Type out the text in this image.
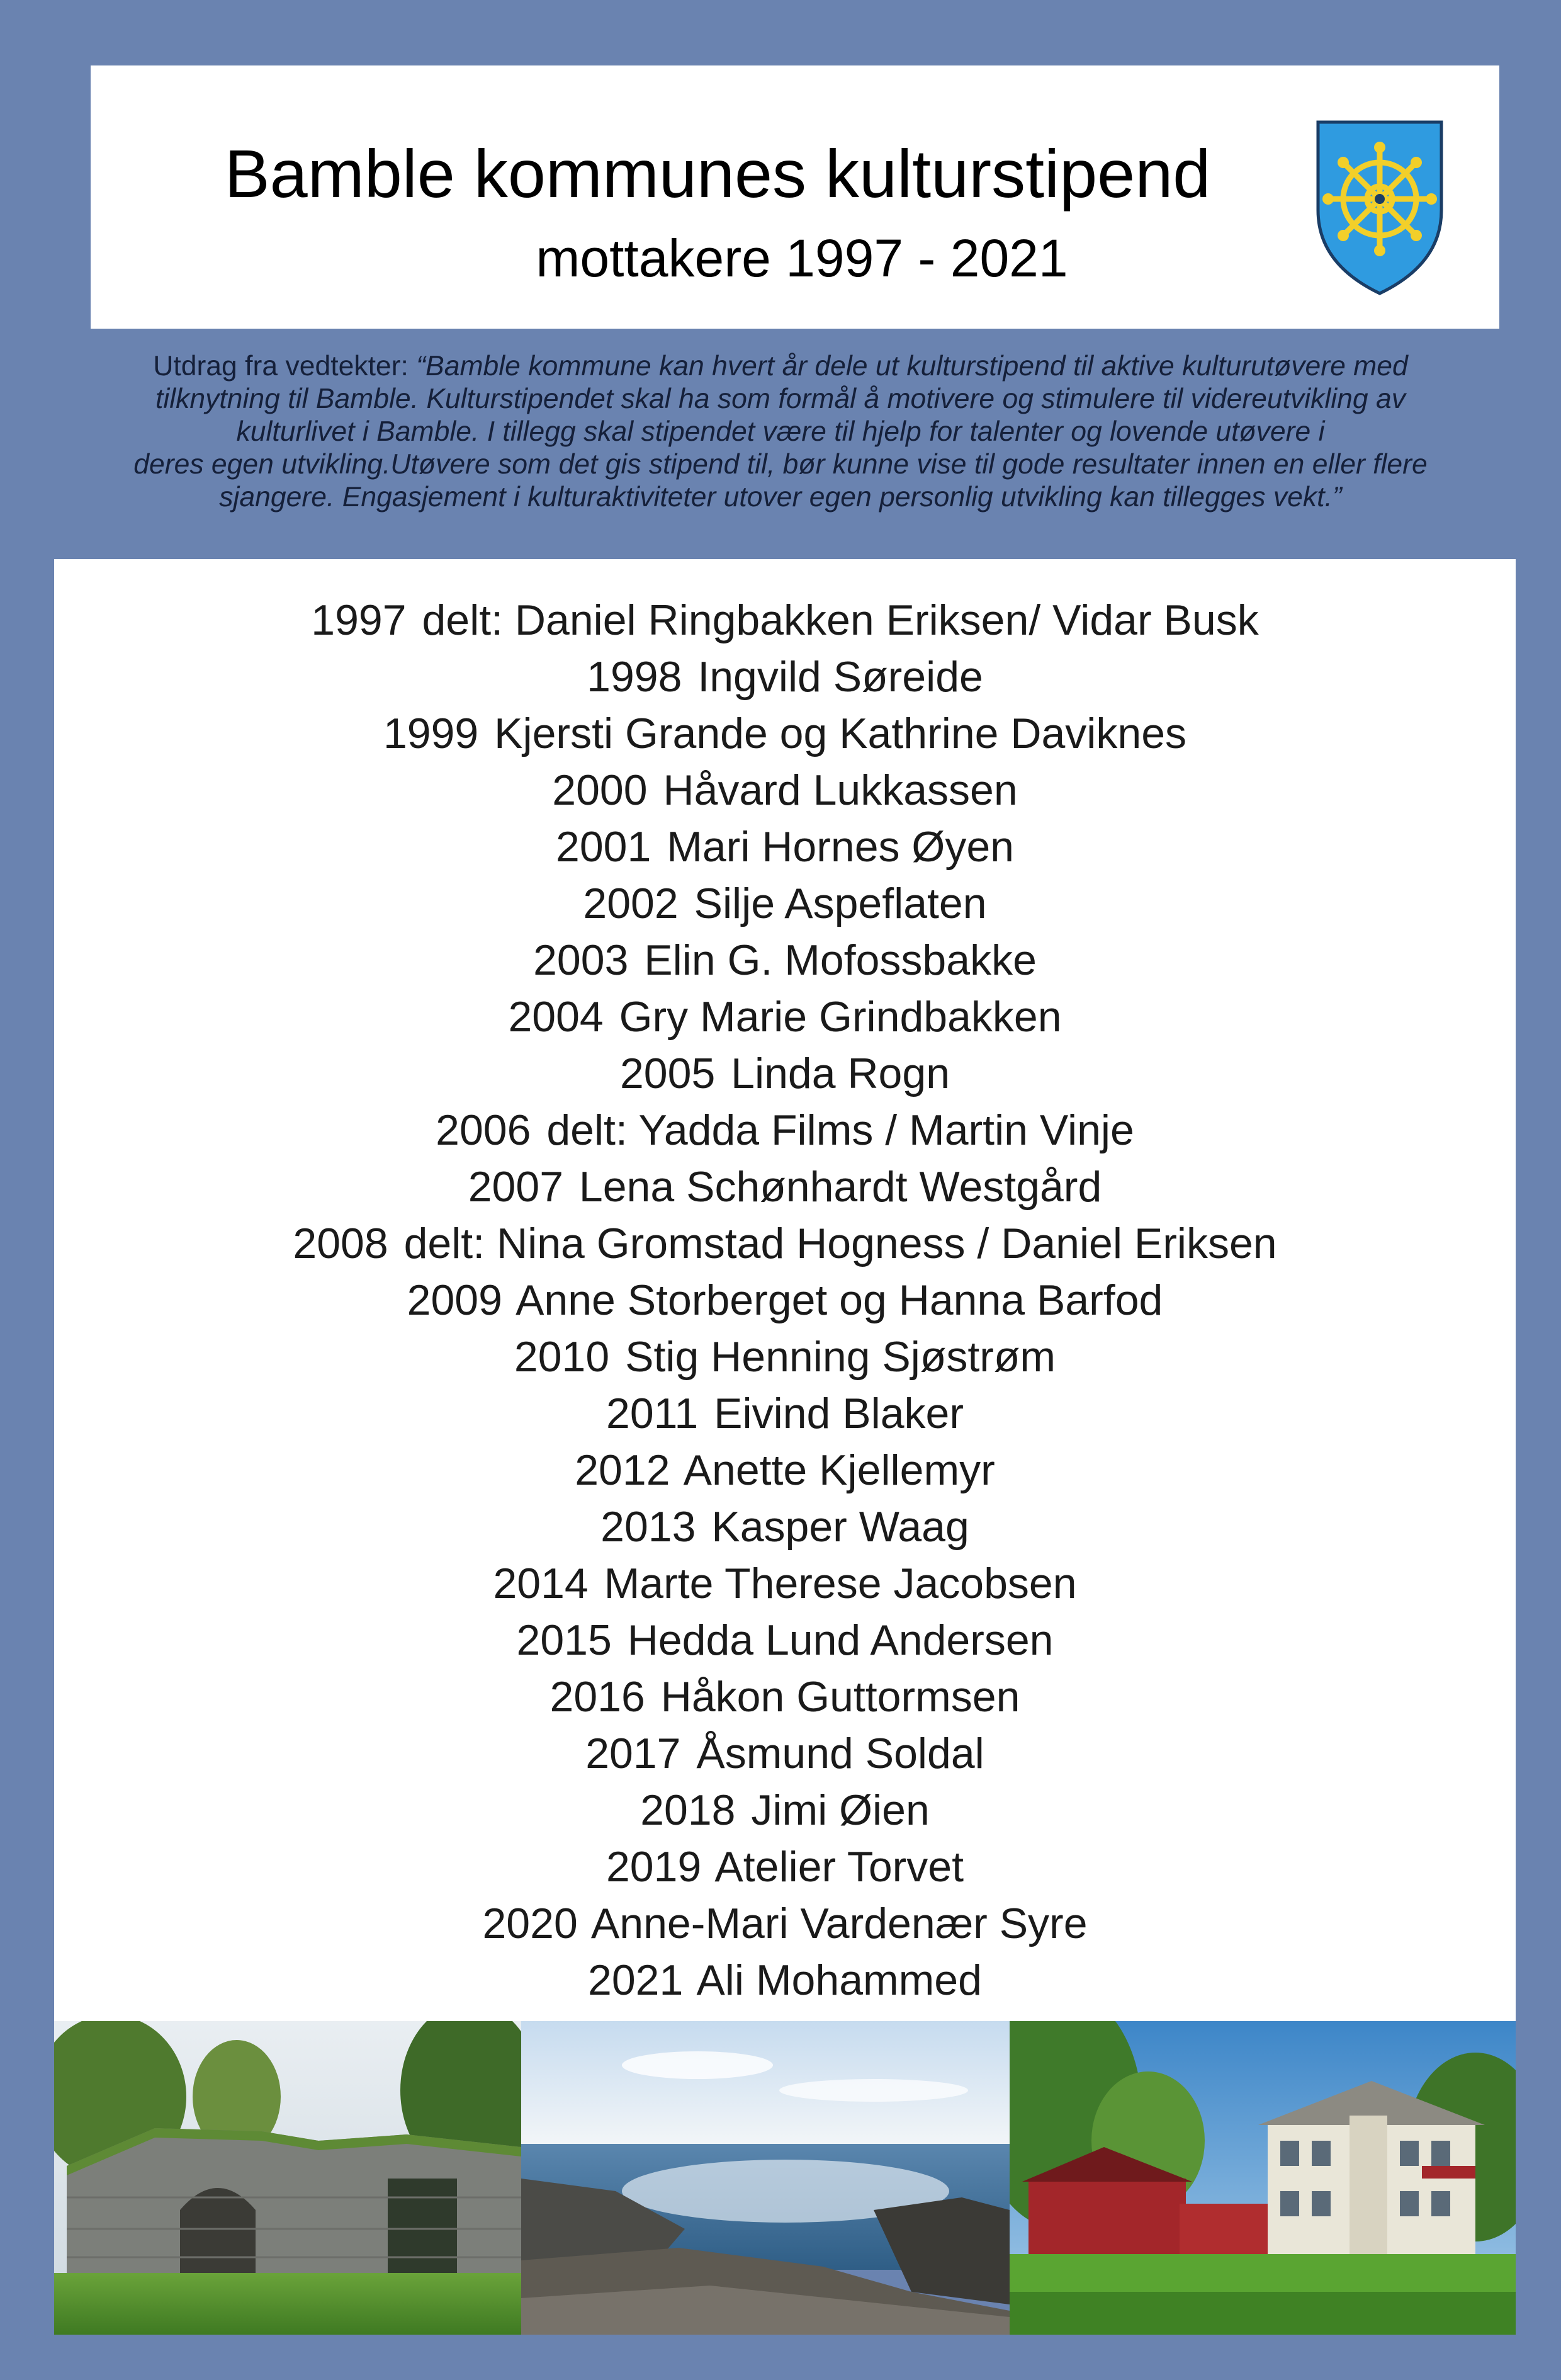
Bamble kommunes kulturstipend
mottakere 1997 - 2021

Utdrag fra vedtekter: “Bamble kommune kan hvert år dele ut kulturstipend til aktive kulturutøvere med

tilknytning til Bamble. Kulturstipendet skal ha som formål å motivere og stimulere til videreutvikling av

kulturlivet i Bamble. I tillegg skal stipendet være til hjelp for talenter og lovende utøvere i

deres egen utvikling.Utøvere som det gis stipend til, bør kunne vise til gode resultater innen en eller flere

sjangere. Engasjement i kulturaktiviteter utover egen personlig utvikling kan tillegges vekt.”

1997 delt: Daniel Ringbakken Eriksen/ Vidar Busk
1998 Ingvild Søreide
1999 Kjersti Grande og Kathrine Daviknes
2000 Håvard Lukkassen
2001 Mari Hornes Øyen
2002 Silje Aspeflaten
2003 Elin G. Mofossbakke
2004 Gry Marie Grindbakken
2005 Linda Rogn
2006 delt: Yadda Films / Martin Vinje
2007 Lena Schønhardt Westgård
2008 delt: Nina Gromstad Hogness / Daniel Eriksen
2009 Anne Storberget og Hanna Barfod
2010 Stig Henning Sjøstrøm
2011 Eivind Blaker
2012 Anette Kjellemyr
2013 Kasper Waag
2014 Marte Therese Jacobsen
2015 Hedda Lund Andersen
2016 Håkon Guttormsen
2017 Åsmund Soldal
2018 Jimi Øien
2019 Atelier Torvet
2020 Anne-Mari Vardenær Syre
2021 Ali Mohammed
